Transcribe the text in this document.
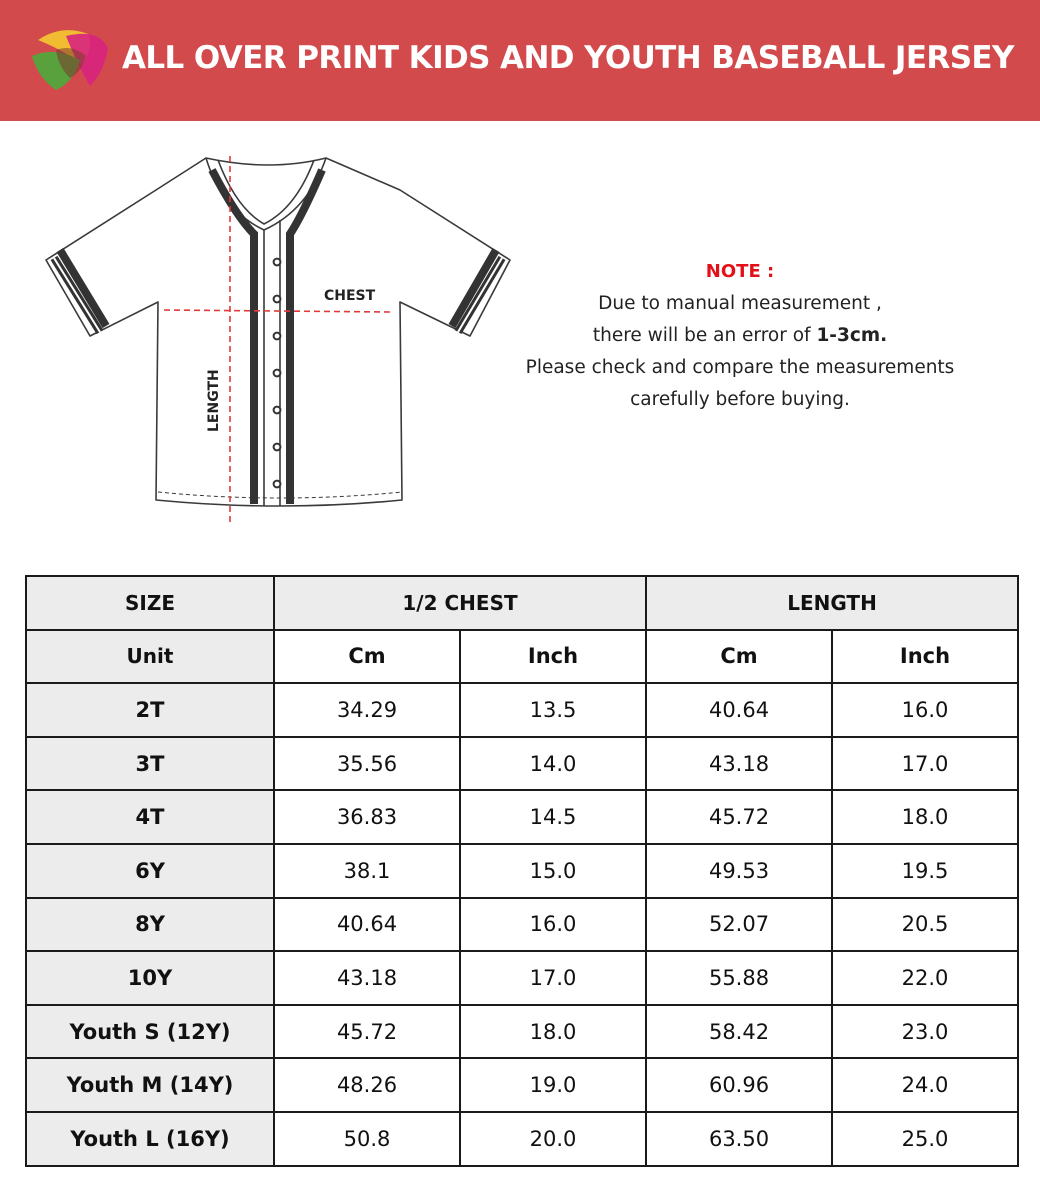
ALL OVER PRINT KIDS AND YOUTH BASEBALL JERSEY
CHEST
LENGTH
NOTE :
Due to manual measurement ,
there will be an error of 1-3cm.
Please check and compare the measurements
carefully before buying.
SIZE	1/2 CHEST		LENGTH	
Unit	Cm	Inch	Cm	Inch
2T	34.29	13.5	40.64	16.0
3T	35.56	14.0	43.18	17.0
4T	36.83	14.5	45.72	18.0
6Y	38.1	15.0	49.53	19.5
8Y	40.64	16.0	52.07	20.5
10Y	43.18	17.0	55.88	22.0
Youth S (12Y)	45.72	18.0	58.42	23.0
Youth M (14Y)	48.26	19.0	60.96	24.0
Youth L (16Y)	50.8	20.0	63.50	25.0
